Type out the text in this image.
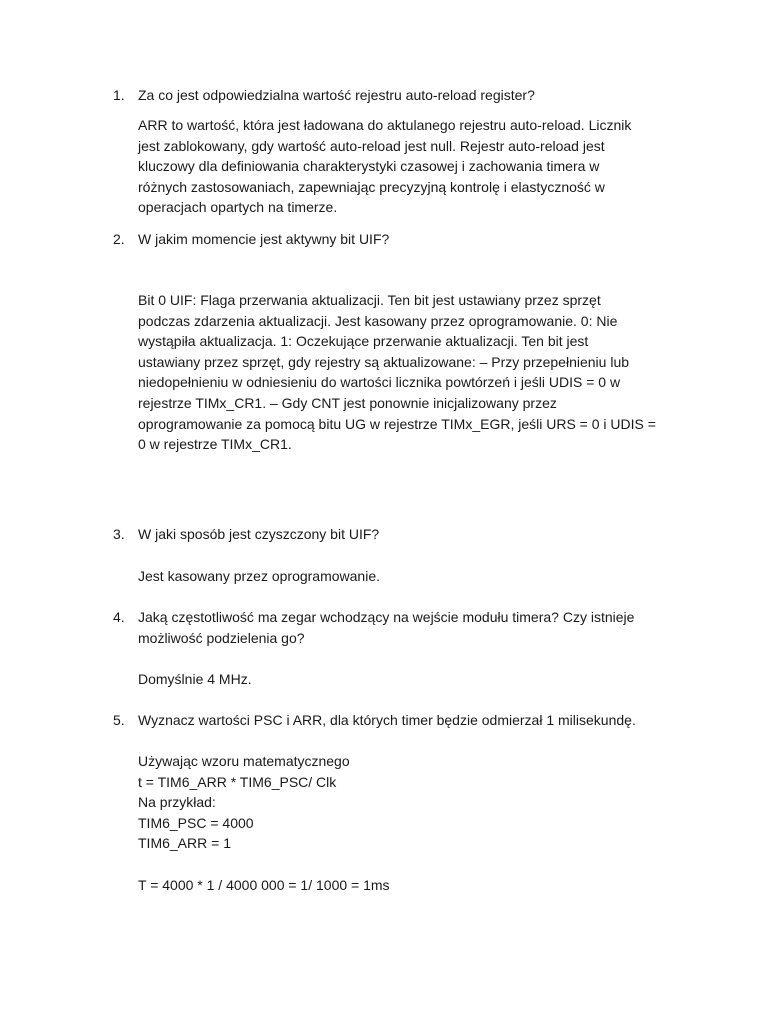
1. Za co jest odpowiedzialna wartość rejestru auto-reload register?
ARR to wartość, która jest ładowana do aktulanego rejestru auto-reload. Licznik
jest zablokowany, gdy wartość auto-reload jest null. Rejestr auto-reload jest
kluczowy dla definiowania charakterystyki czasowej i zachowania timera w
różnych zastosowaniach, zapewniając precyzyjną kontrolę i elastyczność w
operacjach opartych na timerze.
2. W jakim momencie jest aktywny bit UIF?
Bit 0 UIF: Flaga przerwania aktualizacji. Ten bit jest ustawiany przez sprzęt
podczas zdarzenia aktualizacji. Jest kasowany przez oprogramowanie. 0: Nie
wystąpiła aktualizacja. 1: Oczekujące przerwanie aktualizacji. Ten bit jest
ustawiany przez sprzęt, gdy rejestry są aktualizowane: – Przy przepełnieniu lub
niedopełnieniu w odniesieniu do wartości licznika powtórzeń i jeśli UDIS = 0 w
rejestrze TIMx_CR1. – Gdy CNT jest ponownie inicjalizowany przez
oprogramowanie za pomocą bitu UG w rejestrze TIMx_EGR, jeśli URS = 0 i UDIS =
0 w rejestrze TIMx_CR1.
3. W jaki sposób jest czyszczony bit UIF?
Jest kasowany przez oprogramowanie.
4. Jaką częstotliwość ma zegar wchodzący na wejście modułu timera? Czy istnieje
możliwość podzielenia go?
Domyślnie 4 MHz.
5. Wyznacz wartości PSC i ARR, dla których timer będzie odmierzał 1 milisekundę.
Używając wzoru matematycznego
t = TIM6_ARR * TIM6_PSC/ Clk
Na przykład:
TIM6_PSC = 4000
TIM6_ARR = 1
T = 4000 * 1 / 4000 000 = 1/ 1000 = 1ms
